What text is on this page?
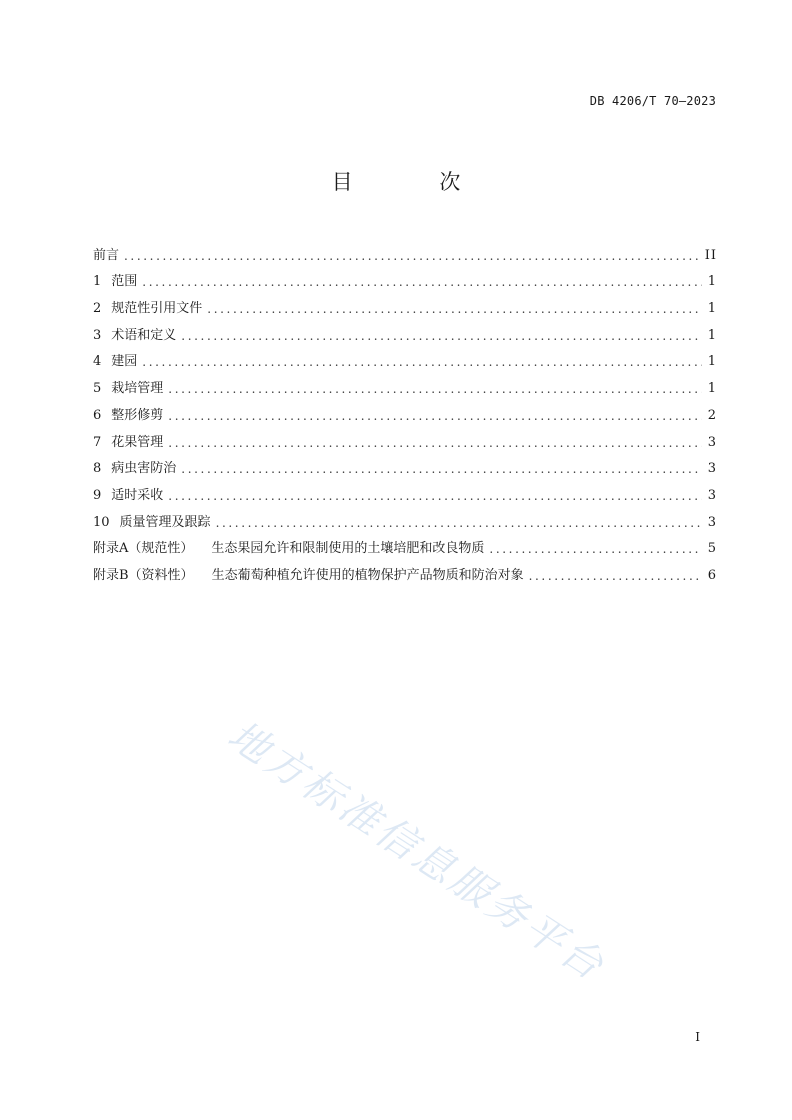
DB 4206/T 70—2023
目 次
前言 .....	II
1 范围 .....	1
2 规范性引用文件 .....	1
3 术语和定义 .....	1
4 建园 .....	1
5 栽培管理 .....	1
6 整形修剪 .....	2
7 花果管理 .....	3
8 病虫害防治 .....	3
9 适时采收 .....	3
10 质量管理及跟踪 .....	3
附录A（规范性） 生态果园允许和限制使用的土壤培肥和改良物质 .....	5
附录B（资料性） 生态葡萄种植允许使用的植物保护产品物质和防治对象 .....	6
地方标准信息服务平台
I
